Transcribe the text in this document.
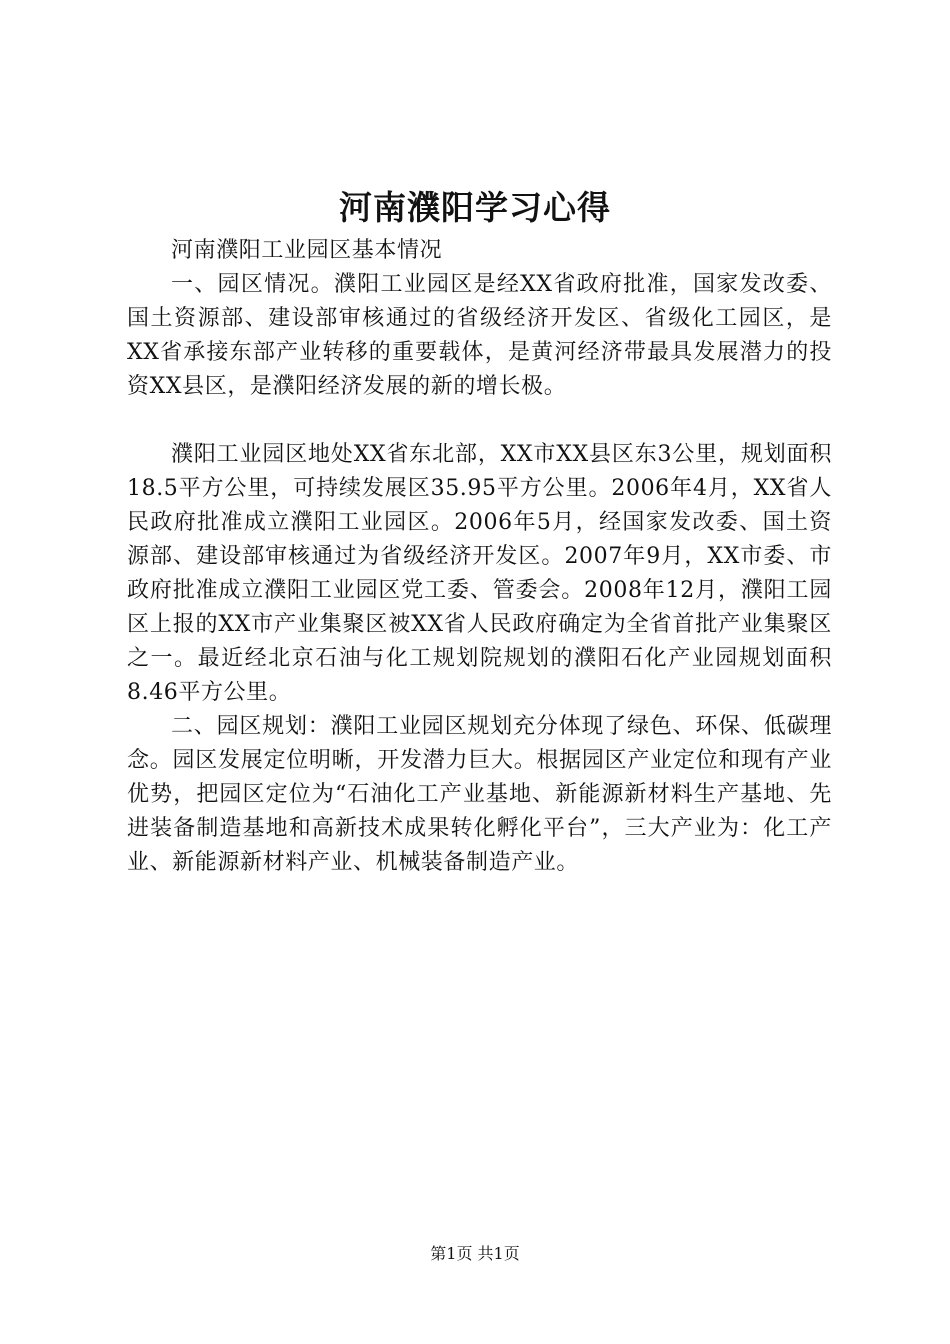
河南濮阳学习心得

河南濮阳工业园区基本情况

一、园区情况。濮阳工业园区是经XX省政府批准，国家发改委、国土资源部、建设部审核通过的省级经济开发区、省级化工园区，是XX省承接东部产业转移的重要载体，是黄河经济带最具发展潜力的投资XX县区，是濮阳经济发展的新的增长极。

濮阳工业园区地处XX省东北部，XX市XX县区东3公里，规划面积18.5平方公里，可持续发展区35.95平方公里。2006年4月，XX省人民政府批准成立濮阳工业园区。2006年5月，经国家发改委、国土资源部、建设部审核通过为省级经济开发区。2007年9月，XX市委、市政府批准成立濮阳工业园区党工委、管委会。2008年12月，濮阳工园区上报的XX市产业集聚区被XX省人民政府确定为全省首批产业集聚区之一。最近经北京石油与化工规划院规划的濮阳石化产业园规划面积8.46平方公里。

二、园区规划：濮阳工业园区规划充分体现了绿色、环保、低碳理念。园区发展定位明晰，开发潜力巨大。根据园区产业定位和现有产业优势，把园区定位为“石油化工产业基地、新能源新材料生产基地、先进装备制造基地和高新技术成果转化孵化平台”，三大产业为：化工产业、新能源新材料产业、机械装备制造产业。

第1页 共1页
